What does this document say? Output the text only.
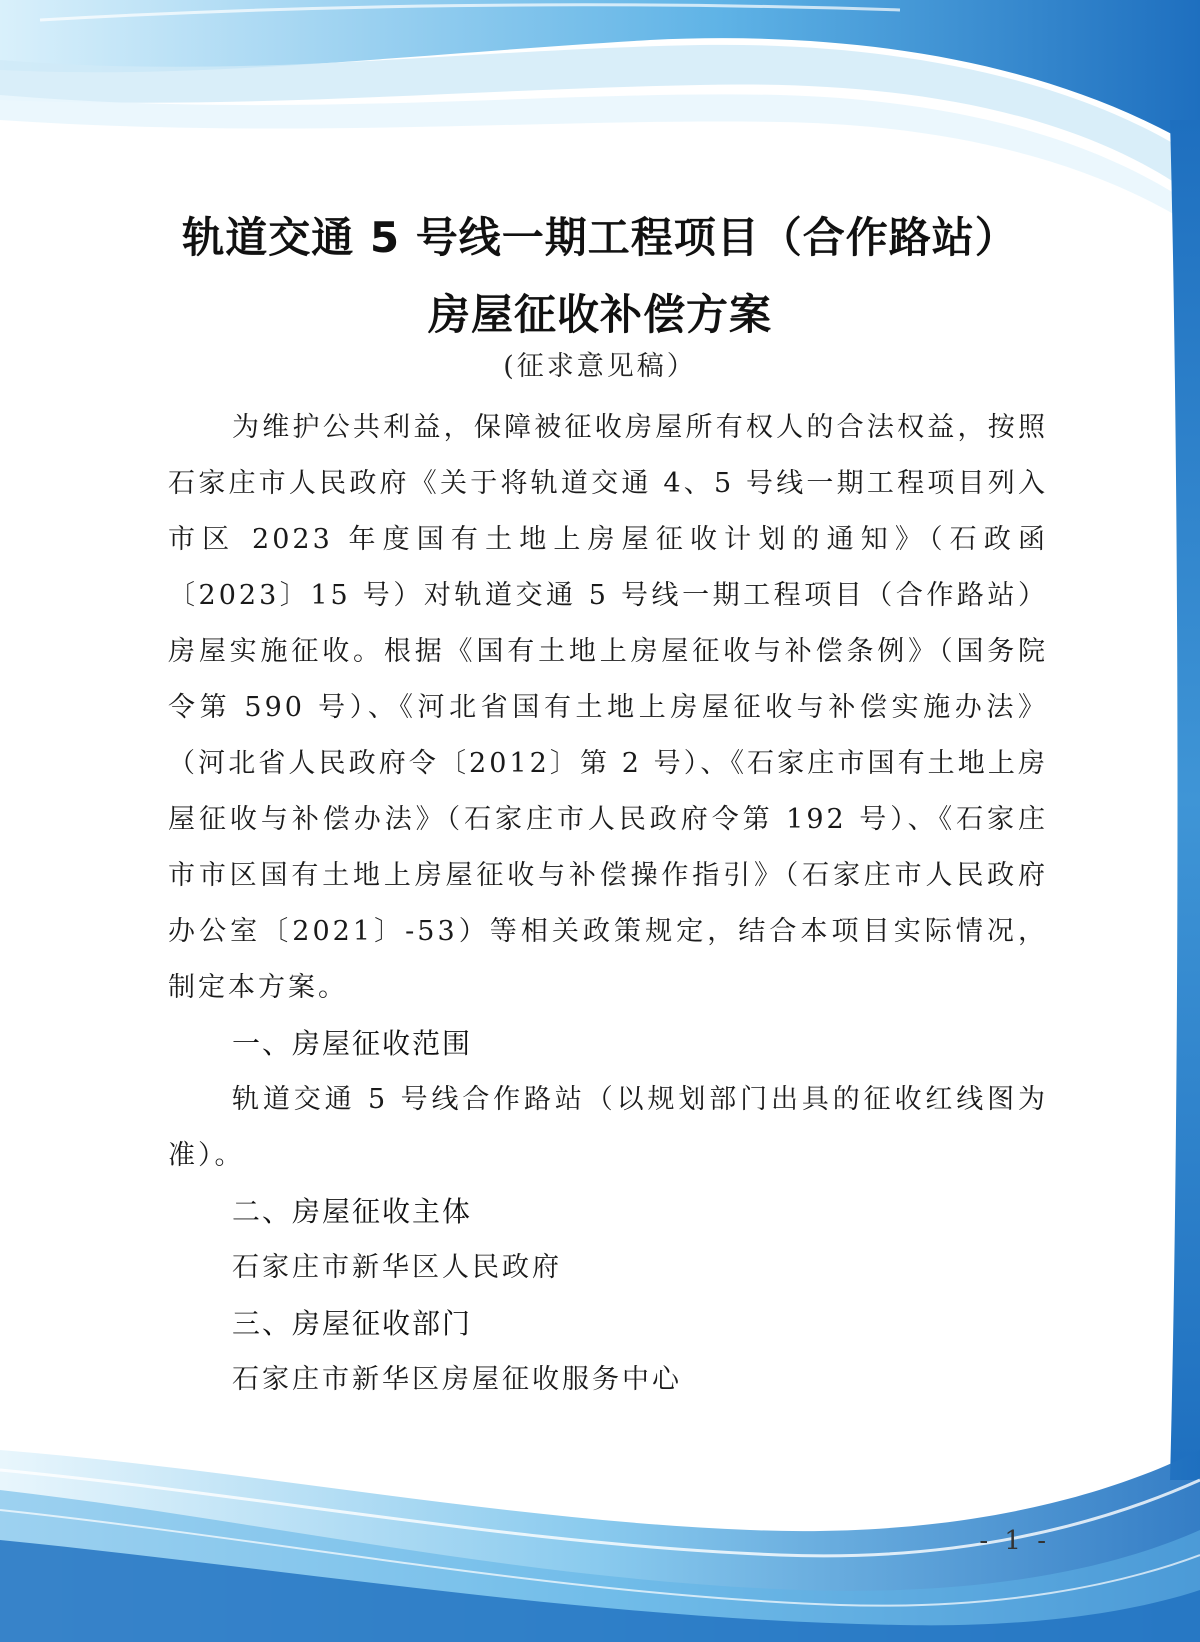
轨道交通 5 号线一期工程项目（合作路站）
房屋征收补偿方案
(征求意见稿）

为维护公共利益，保障被征收房屋所有权人的合法权益，按照石家庄市人民政府《关于将轨道交通 4、5 号线一期工程项目列入市区 2023 年度国有土地上房屋征收计划的通知》（石政函〔2023〕15 号）对轨道交通 5 号线一期工程项目（合作路站）房屋实施征收。根据《国有土地上房屋征收与补偿条例》（国务院令第 590 号）、《河北省国有土地上房屋征收与补偿实施办法》（河北省人民政府令〔2012〕第 2 号）、《石家庄市国有土地上房屋征收与补偿办法》（石家庄市人民政府令第 192 号）、《石家庄市市区国有土地上房屋征收与补偿操作指引》（石家庄市人民政府办公室〔2021〕-53）等相关政策规定，结合本项目实际情况，制定本方案。

一、房屋征收范围

轨道交通 5 号线合作路站（以规划部门出具的征收红线图为准）。

二、房屋征收主体

石家庄市新华区人民政府

三、房屋征收部门

石家庄市新华区房屋征收服务中心

- 1 -
